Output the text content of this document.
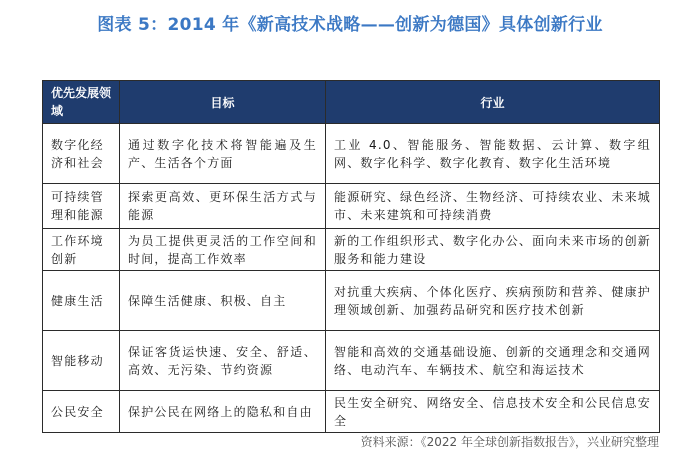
图表 5：2014 年《新高技术战略——创新为德国》具体创新行业
优先发展领域	目标	行业
数字化经济和社会	通过数字化技术将智能遍及生产、生活各个方面	工业 4.0、智能服务、智能数据、云计算、数字组网、数字化科学、数字化教育、数字化生活环境
可持续管理和能源	探索更高效、更环保生活方式与能源	能源研究、绿色经济、生物经济、可持续农业、未来城市、未来建筑和可持续消费
工作环境创新	为员工提供更灵活的工作空间和时间，提高工作效率	新的工作组织形式、数字化办公、面向未来市场的创新服务和能力建设
健康生活	保障生活健康、积极、自主	对抗重大疾病、个体化医疗、疾病预防和营养、健康护理领域创新、加强药品研究和医疗技术创新
智能移动	保证客货运快速、安全、舒适、高效、无污染、节约资源	智能和高效的交通基础设施、创新的交通理念和交通网络、电动汽车、车辆技术、航空和海运技术
公民安全	保护公民在网络上的隐私和自由	民生安全研究、网络安全、信息技术安全和公民信息安全
资料来源：《2022 年全球创新指数报告》，兴业研究整理
